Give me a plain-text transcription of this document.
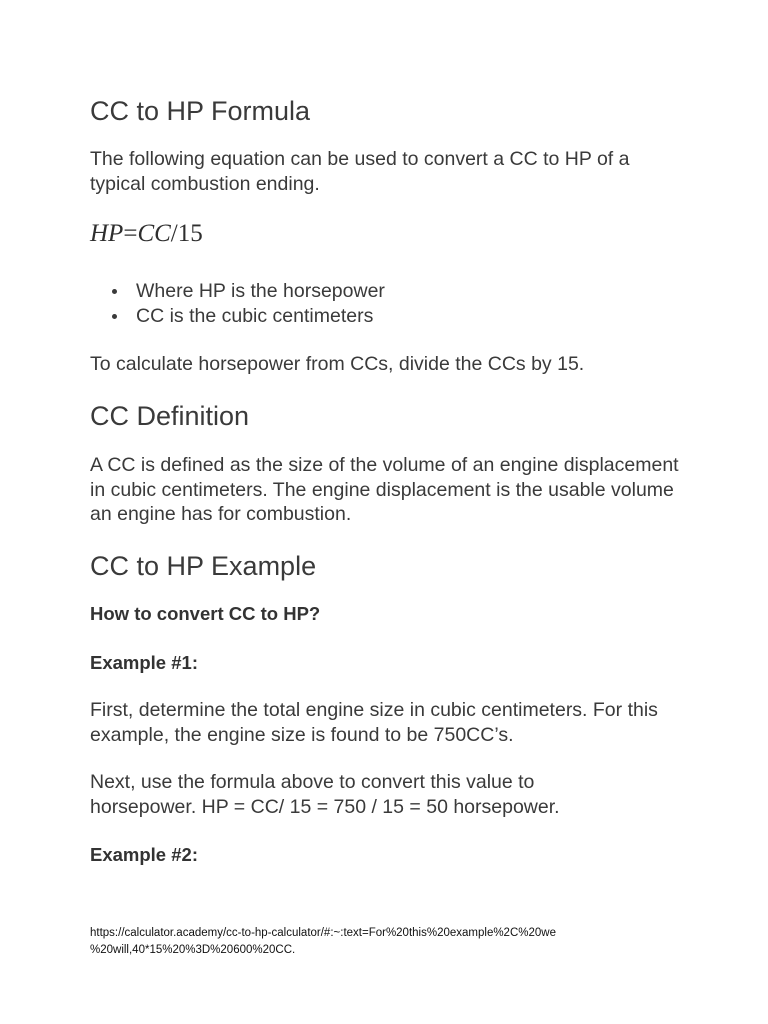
CC to HP Formula

The following equation can be used to convert a CC to HP of a typical combustion ending.

HP=CC/15
Where HP is the horsepower
CC is the cubic centimeters

To calculate horsepower from CCs, divide the CCs by 15.

CC Definition

A CC is defined as the size of the volume of an engine displacement in cubic centimeters. The engine displacement is the usable volume an engine has for combustion.

CC to HP Example

How to convert CC to HP?

Example #1:

First, determine the total engine size in cubic centimeters. For this example, the engine size is found to be 750CC’s.

Next, use the formula above to convert this value to horsepower. HP = CC/ 15 = 750 / 15 = 50 horsepower.

Example #2:

https://calculator.academy/cc-to-hp-calculator/#:~:text=For%20this%20example%2C%20we
%20will,40*15%20%3D%20600%20CC.
